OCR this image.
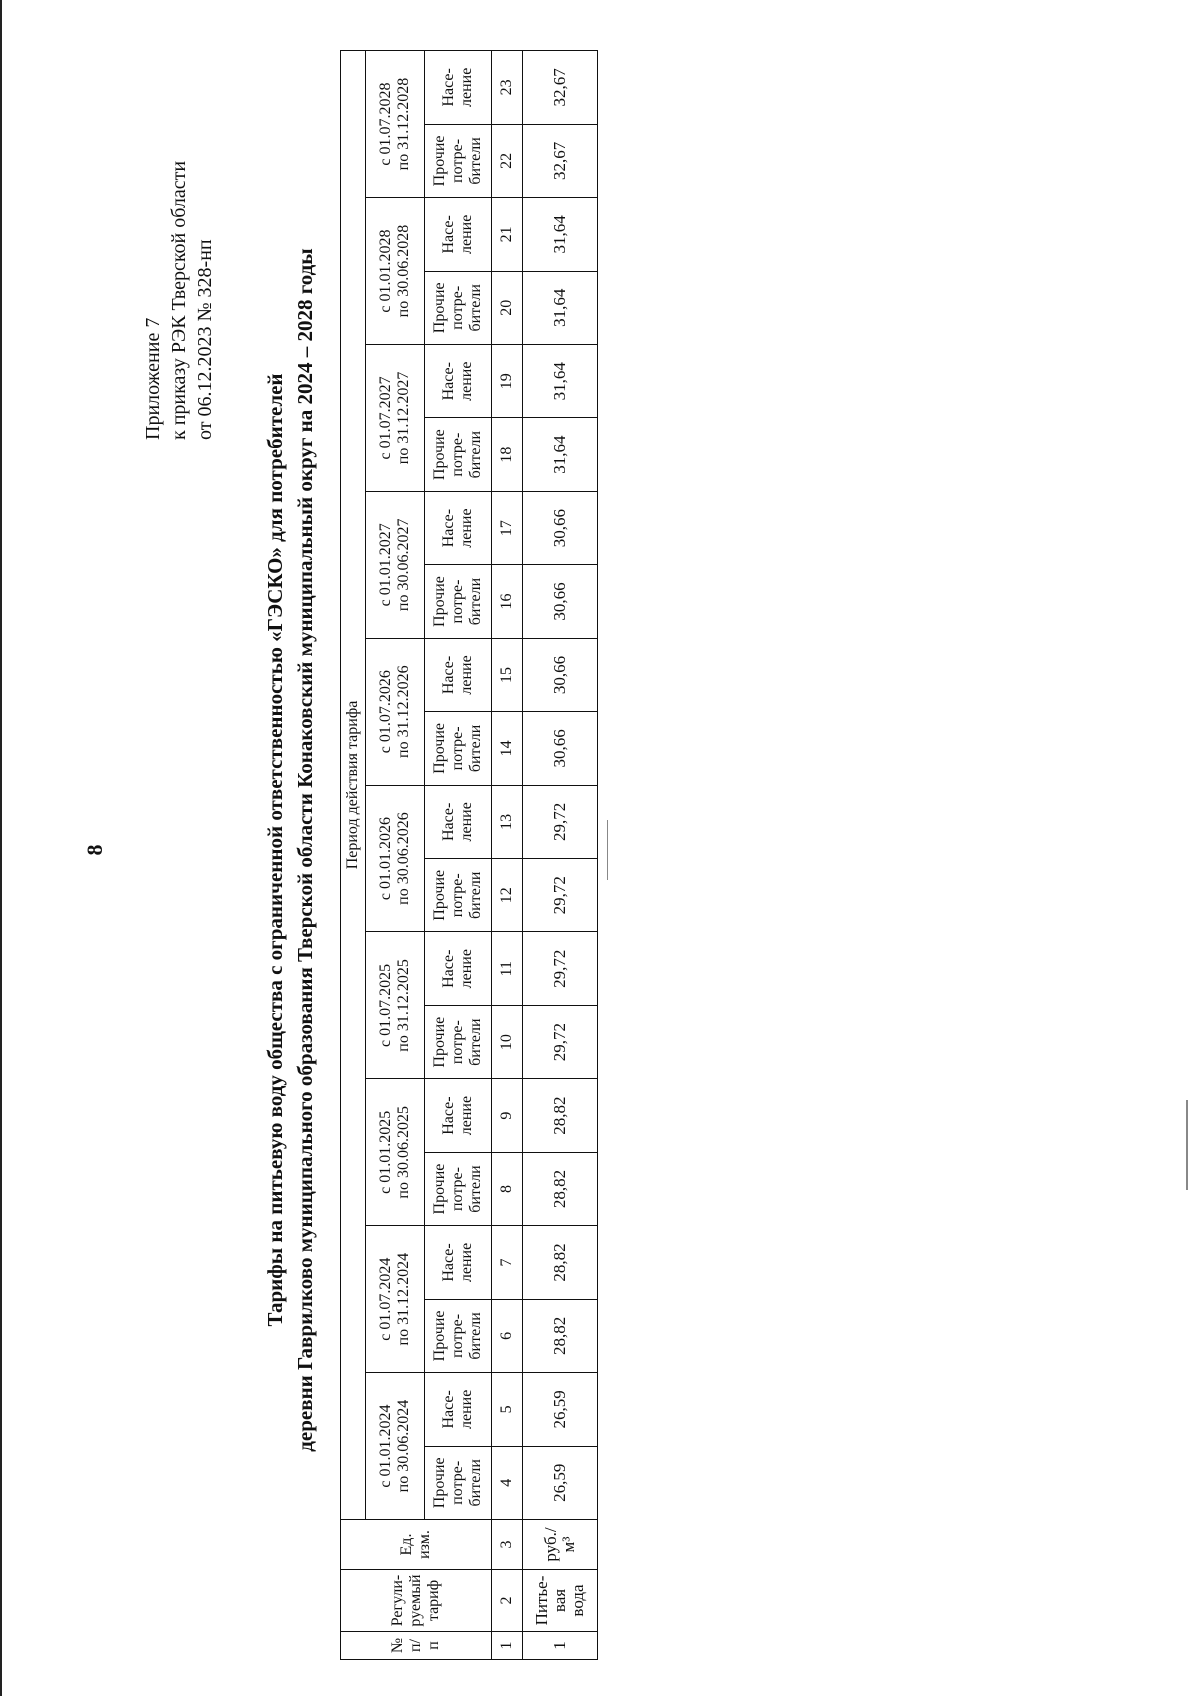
8
Приложение 7 к приказу РЭК Тверской области от 06.12.2023 № 328-нп
Тарифы на питьевую воду общества с ограниченной ответственностью «ГЭСКО» для потребителей деревни Гаврилково муниципального образования Тверской области Конаковский муниципальный округ на 2024 – 2028 годы
№ п/ п	Регули- руемый тариф	Ед. изм.	Период действия тарифа																			

			с 01.01.2024 по 30.06.2024		с 01.07.2024 по 31.12.2024		с 01.01.2025 по 30.06.2025		с 01.07.2025 по 31.12.2025		с 01.01.2026 по 30.06.2026		с 01.07.2026 по 31.12.2026		с 01.01.2027 по 30.06.2027		с 01.07.2027 по 31.12.2027		с 01.01.2028 по 30.06.2028		с 01.07.2028 по 31.12.2028	

			Прочие потре- бители	Насе- ление	Прочие потре- бители	Насе- ление	Прочие потре- бители	Насе- ление	Прочие потре- бители	Насе- ление	Прочие потре- бители	Насе- ление	Прочие потре- бители	Насе- ление	Прочие потре- бители	Насе- ление	Прочие потре- бители	Насе- ление	Прочие потре- бители	Насе- ление	Прочие потре- бители	Насе- ление

1	2	3	4	5	6	7	8	9	10	11	12	13	14	15	16	17	18	19	20	21	22	23
1	Питье- вая вода	руб./м³	26,59	26,59	28,82	28,82	28,82	28,82	29,72	29,72	29,72	29,72	30,66	30,66	30,66	30,66	31,64	31,64	31,64	31,64	32,67	32,67
